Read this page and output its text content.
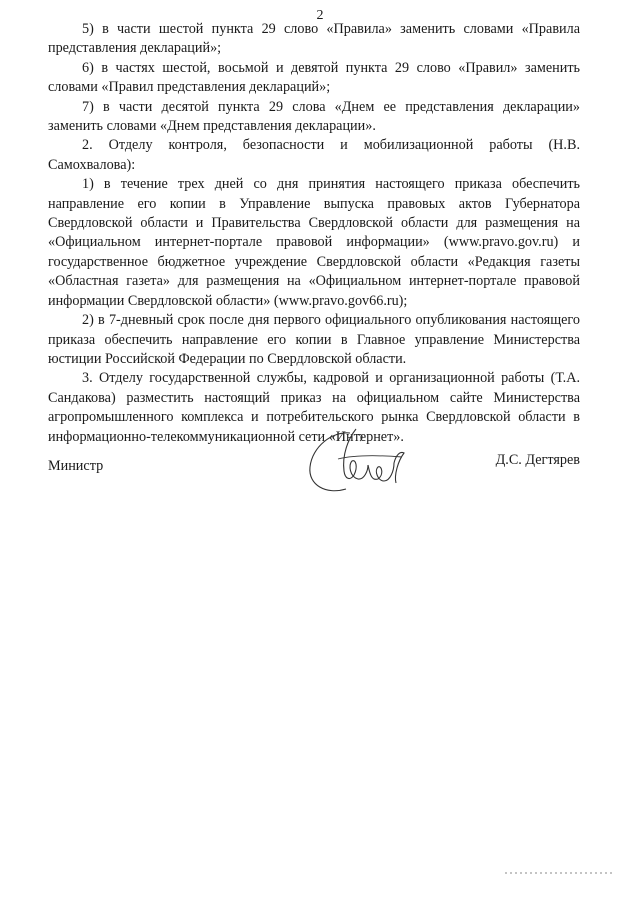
2

5) в части шестой пункта 29 слово «Правила» заменить словами «Правила представления деклараций»;

6) в частях шестой, восьмой и девятой пункта 29 слово «Правил» заменить словами «Правил представления деклараций»;

7) в части десятой пункта 29 слова «Днем ее представления декларации» заменить словами «Днем представления декларации».

2. Отделу контроля, безопасности и мобилизационной работы (Н.В. Самохвалова):

1) в течение трех дней со дня принятия настоящего приказа обеспечить направление его копии в Управление выпуска правовых актов Губернатора Свердловской области и Правительства Свердловской области для размещения на «Официальном интернет-портале правовой информации» (www.pravo.gov.ru) и государственное бюджетное учреждение Свердловской области «Редакция газеты «Областная газета» для размещения на «Официальном интернет-портале правовой информации Свердловской области» (www.pravo.gov66.ru);

2) в 7-дневный срок после дня первого официального опубликования настоящего приказа обеспечить направление его копии в Главное управление Министерства юстиции Российской Федерации по Свердловской области.

3. Отделу государственной службы, кадровой и организационной работы (Т.А. Сандакова) разместить настоящий приказ на официальном сайте Министерства агропромышленного комплекса и потребительского рынка Свердловской области в информационно-телекоммуникационной сети «Интернет».

Министр	Д.С. Дегтярев
